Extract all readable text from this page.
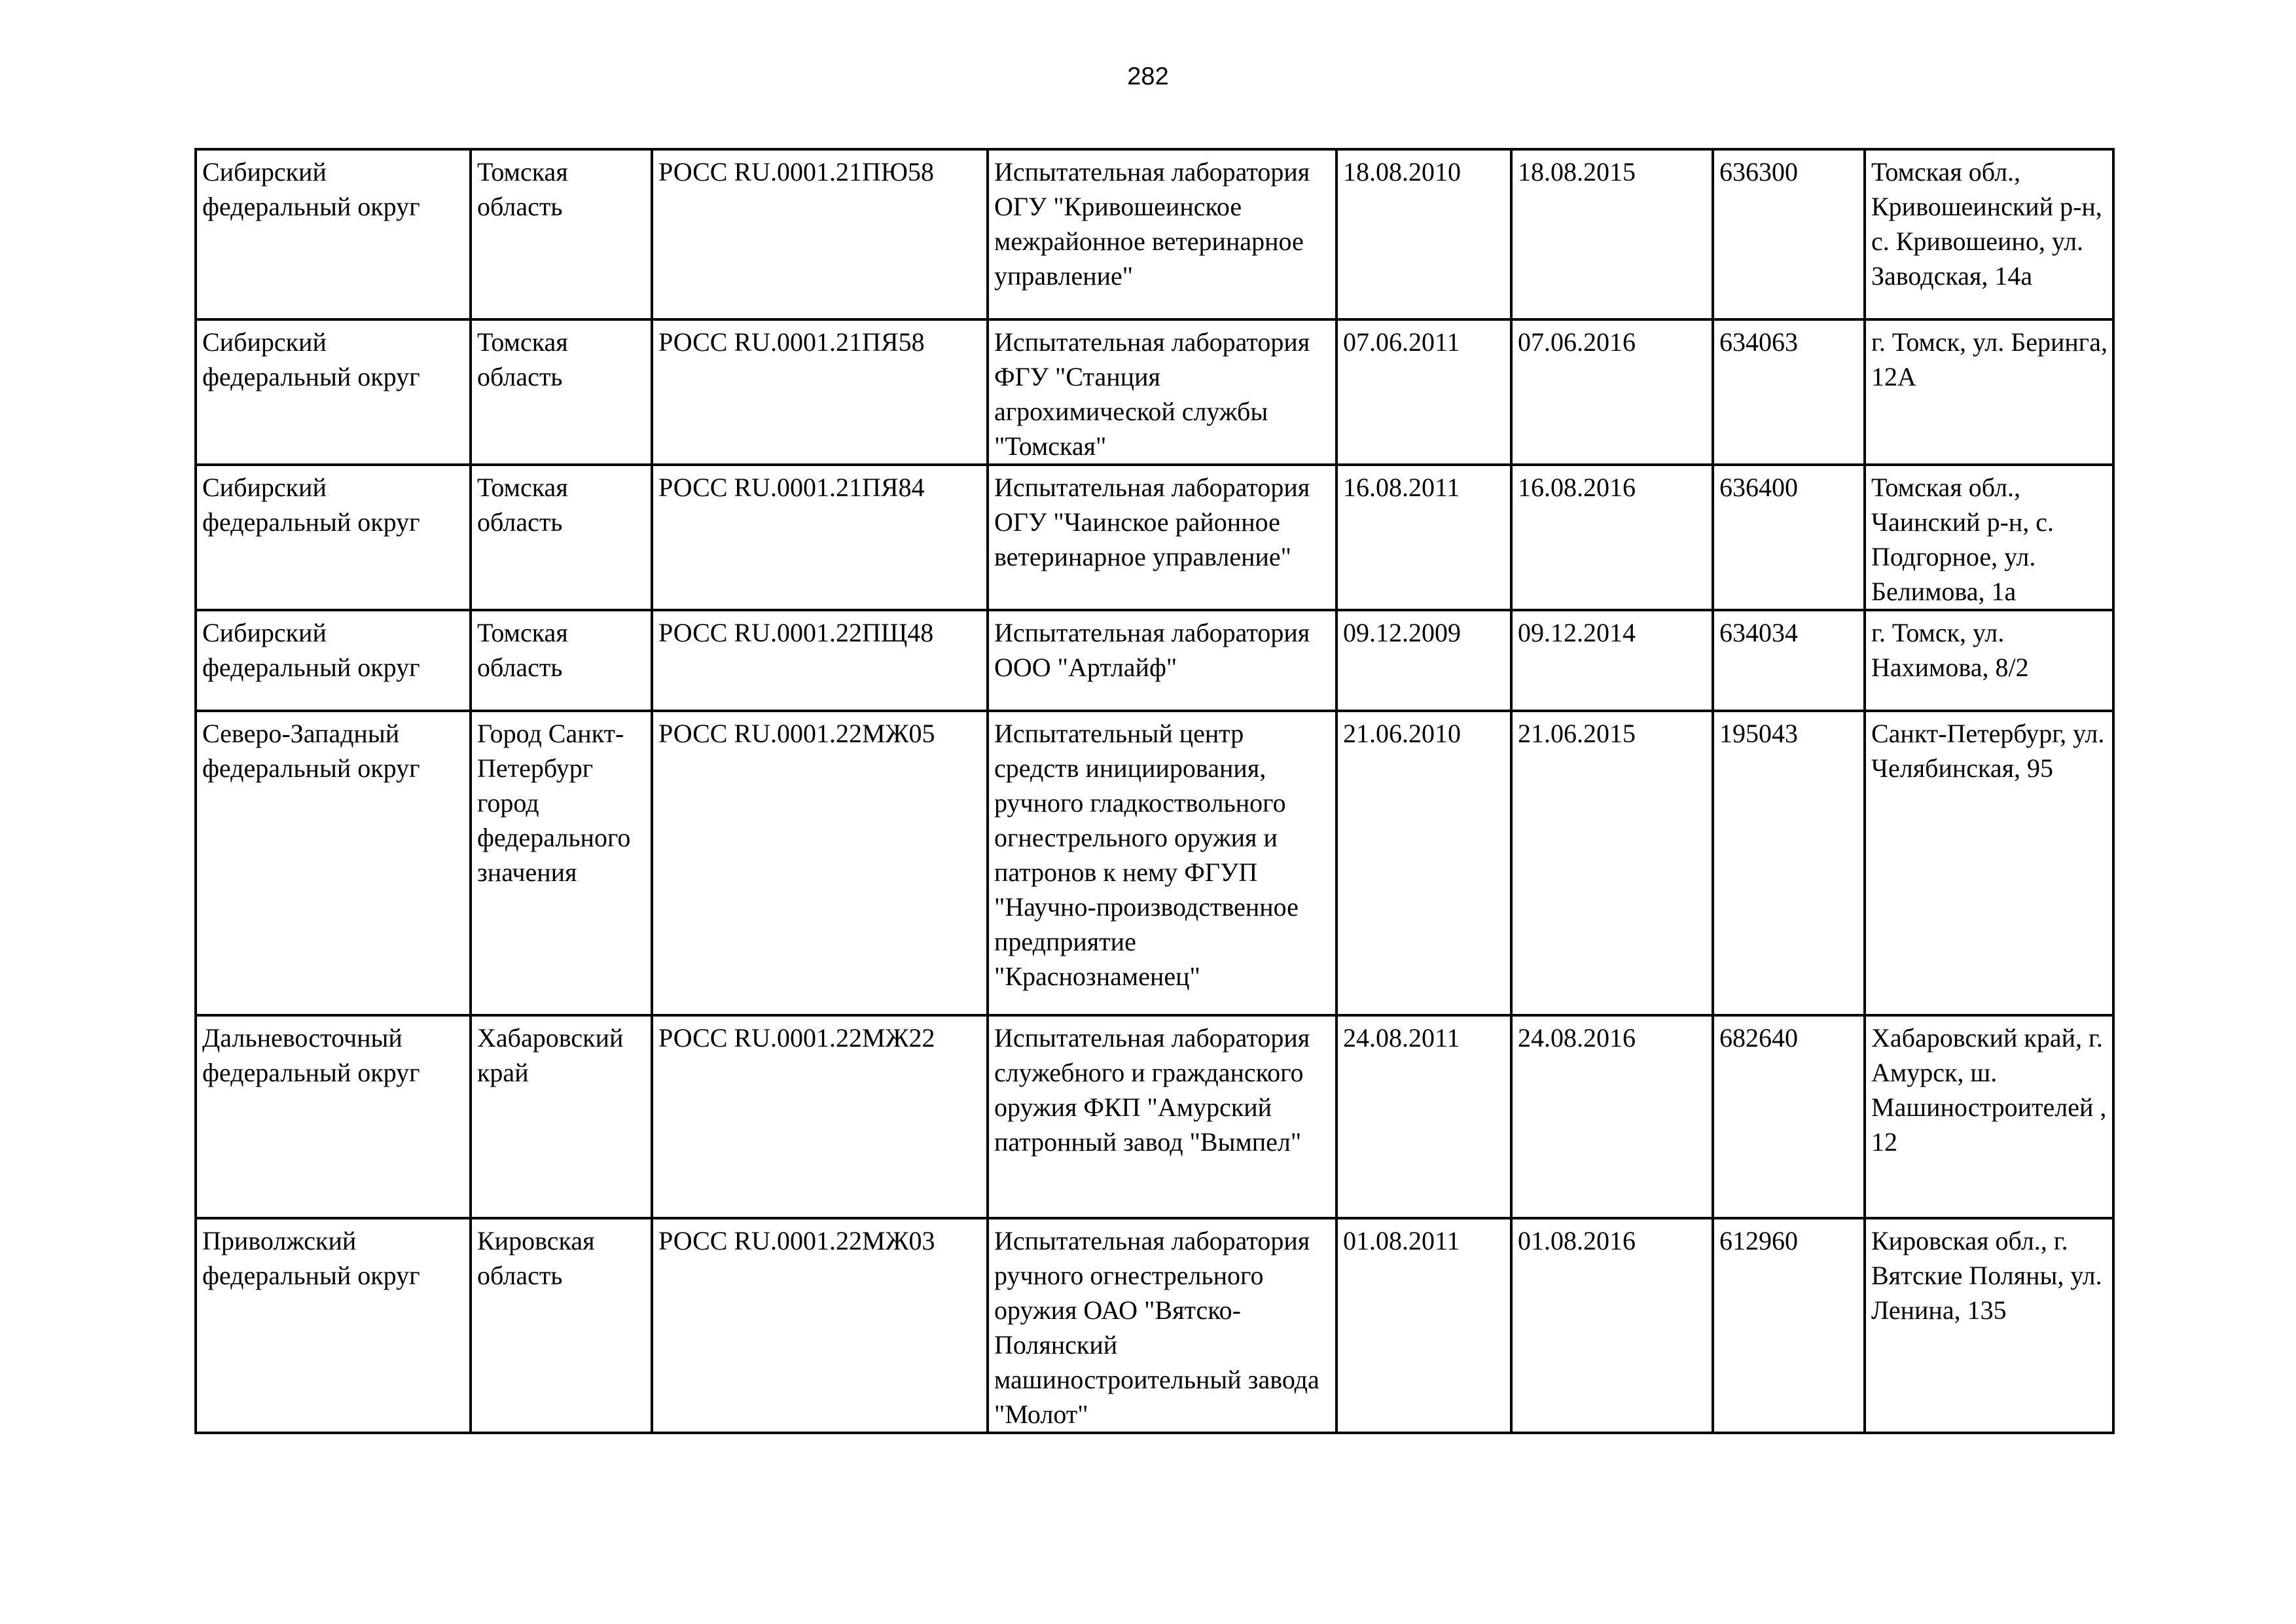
282
Сибирский федеральный округ	Томская область	РОСС RU.0001.21ПЮ58	Испытательная лаборатория ОГУ "Кривошеинское межрайонное ветеринарное управление"	18.08.2010	18.08.2015	636300	Томская обл., Кривошеинский р-н, с. Кривошеино, ул. Заводская, 14а
Сибирский федеральный округ	Томская область	РОСС RU.0001.21ПЯ58	Испытательная лаборатория ФГУ "Станция агрохимической службы "Томская"	07.06.2011	07.06.2016	634063	г. Томск, ул. Беринга, 12А
Сибирский федеральный округ	Томская область	РОСС RU.0001.21ПЯ84	Испытательная лаборатория ОГУ "Чаинское районное ветеринарное управление"	16.08.2011	16.08.2016	636400	Томская обл., Чаинский р-н, с. Подгорное, ул. Белимова, 1а
Сибирский федеральный округ	Томская область	РОСС RU.0001.22ПЩ48	Испытательная лаборатория ООО "Артлайф"	09.12.2009	09.12.2014	634034	г. Томск, ул. Нахимова, 8/2
Северо-Западный федеральный округ	Город Санкт-Петербург город федерального значения	РОСС RU.0001.22МЖ05	Испытательный центр средств инициирования, ручного гладкоствольного огнестрельного оружия и патронов к нему ФГУП "Научно-производственное предприятие "Краснознаменец"	21.06.2010	21.06.2015	195043	Санкт-Петербург, ул. Челябинская, 95
Дальневосточный федеральный округ	Хабаровский край	РОСС RU.0001.22МЖ22	Испытательная лаборатория служебного и гражданского оружия ФКП "Амурский патронный завод "Вымпел"	24.08.2011	24.08.2016	682640	Хабаровский край, г. Амурск, ш. Машиностроителей , 12
Приволжский федеральный округ	Кировская область	РОСС RU.0001.22МЖ03	Испытательная лаборатория ручного огнестрельного оружия ОАО "Вятско-Полянский машиностроительный завода "Молот"	01.08.2011	01.08.2016	612960	Кировская обл., г. Вятские Поляны, ул. Ленина, 135
